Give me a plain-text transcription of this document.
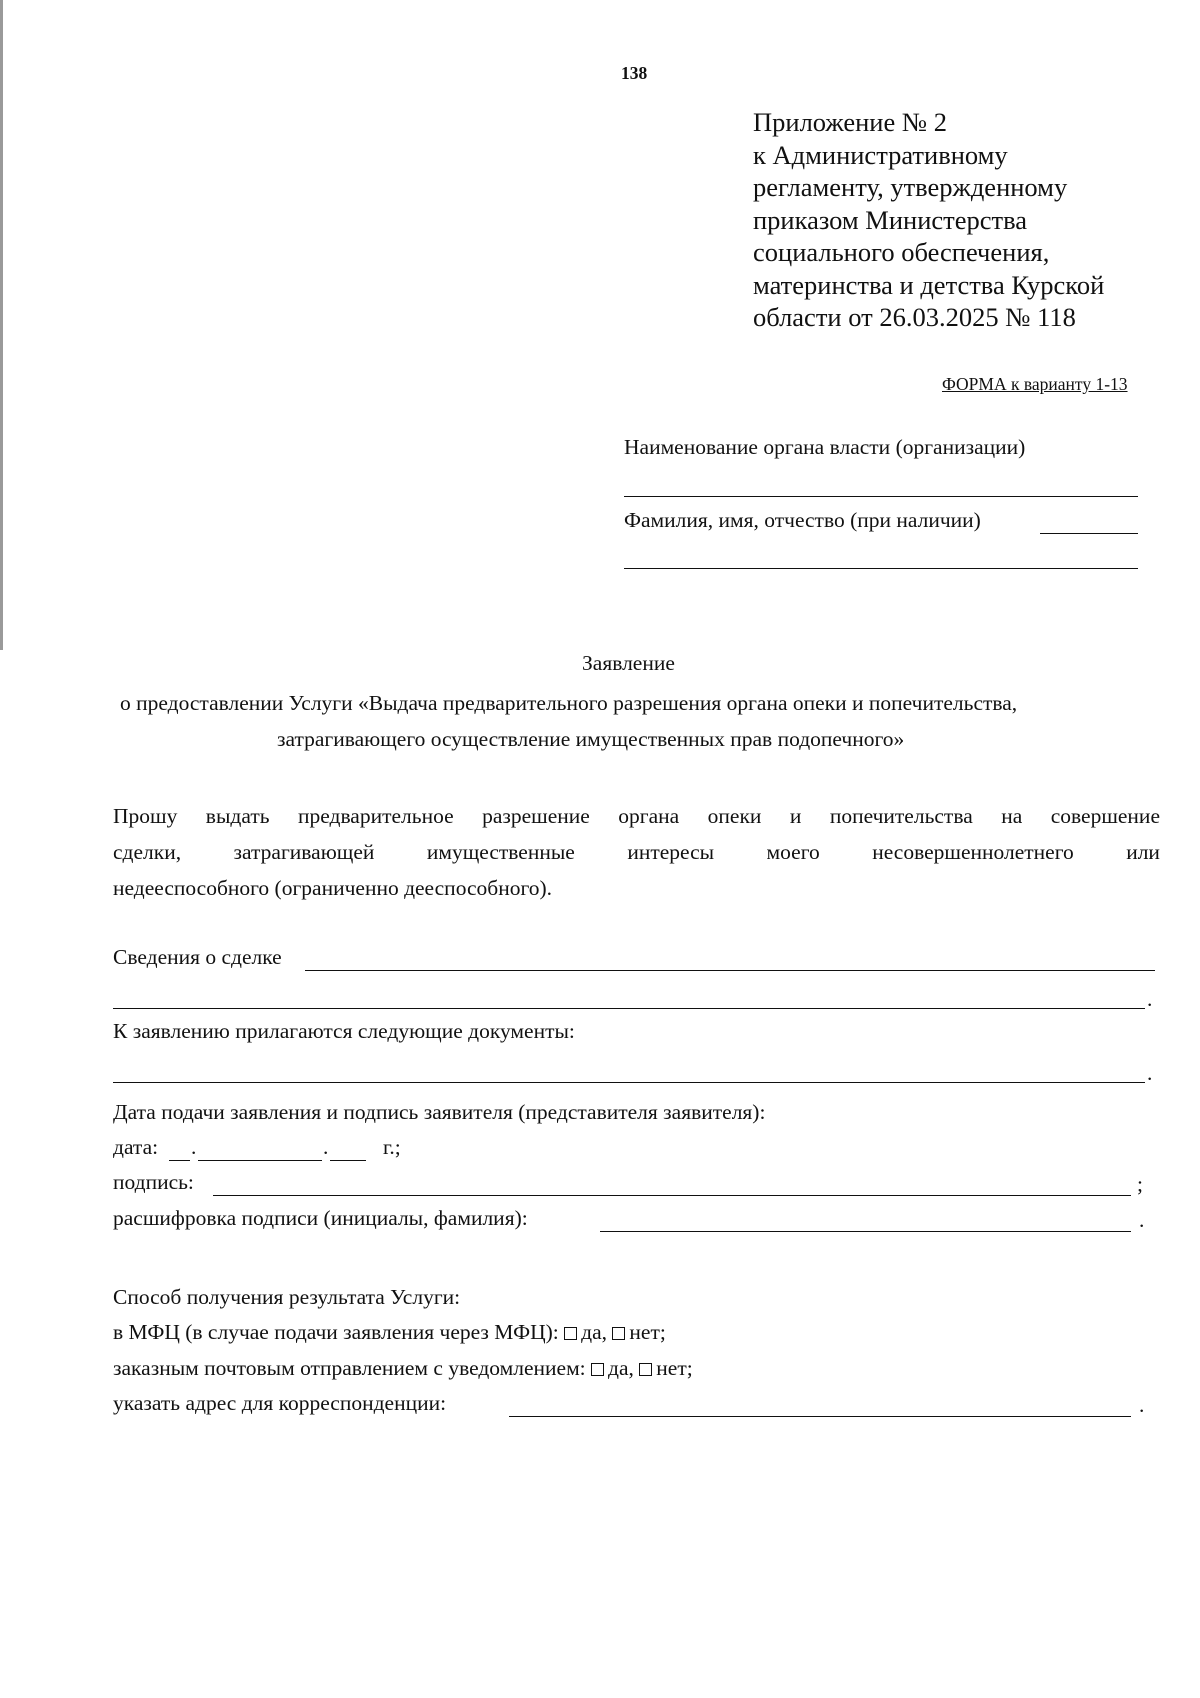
138
Приложение № 2
к Административному
регламенту, утвержденному
приказом Министерства
социального обеспечения,
материнства и детства Курской
области от 26.03.2025 № 118
ФОРМА к варианту 1-13
Наименование органа власти (организации)
Фамилия, имя, отчество (при наличии)
Заявление
о предоставлении Услуги «Выдача предварительного разрешения органа опеки и попечительства,
затрагивающего осуществление имущественных прав подопечного»
Прошу выдать предварительное разрешение органа опеки и попечительства на совершение
сделки, затрагивающей имущественные интересы моего несовершеннолетнего или
недееспособного (ограниченно дееспособного).
Сведения о сделке
.
К заявлению прилагаются следующие документы:
.
Дата подачи заявления и подпись заявителя (представителя заявителя):
дата: .	.	г.;
подпись:	;
расшифровка подписи (инициалы, фамилия):	.
Способ получения результата Услуги:
в МФЦ (в случае подачи заявления через МФЦ): да, нет;
заказным почтовым отправлением с уведомлением: да, нет;
указать адрес для корреспонденции:	.
